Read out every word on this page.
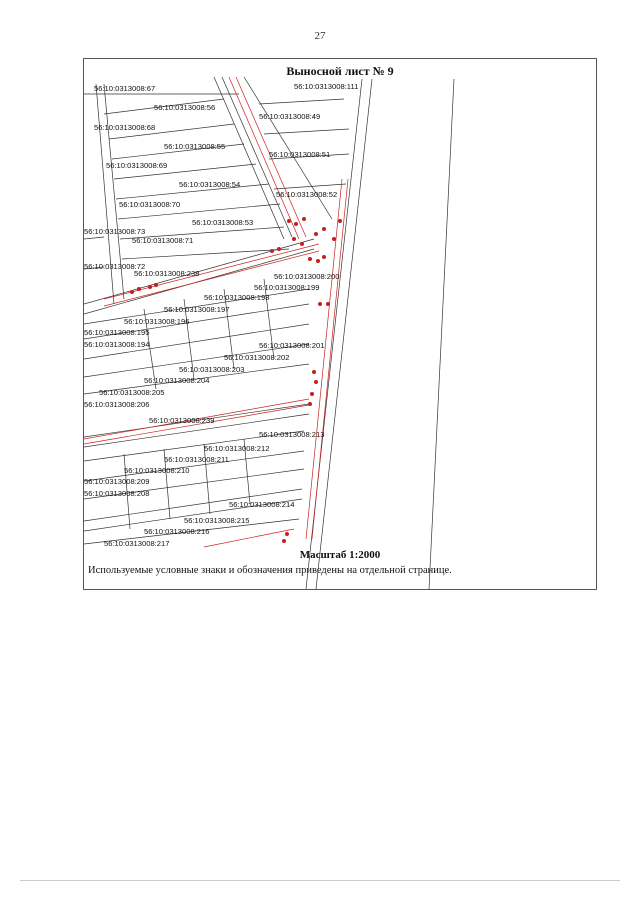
27
56:10:0313008:67
56:10:0313008:56
56:10:0313008:68
56:10:0313008:55
56:10:0313008:69
56:10:0313008:54
56:10:0313008:70
56:10:0313008:53
56:10:0313008:71
56:10:0313008:72
56:10:0313008:73
56:10:0313008:49
56:10:0313008:51
56:10:0313008:52
56:10:0313008:111
56:10:0313008:238	56:10:0313008:200
56:10:0313008:199
56:10:0313008:198
56:10:0313008:197
56:10:0313008:196
56:10:0313008:195
56:10:0313008:194	56:10:0313008:201
56:10:0313008:202
56:10:0313008:203
56:10:0313008:204
56:10:0313008:205
56:10:0313008:206
56:10:0313008:239
56:10:0313008:213
56:10:0313008:212
56:10:0313008:211
56:10:0313008:210
56:10:0313008:209
56:10:0313008:208
56:10:0313008:214
56:10:0313008:215
56:10:0313008:216
56:10:0313008:217
Выносной лист № 9
Масштаб 1:2000
Используемые условные знаки и обозначения приведены на отдельной странице.
